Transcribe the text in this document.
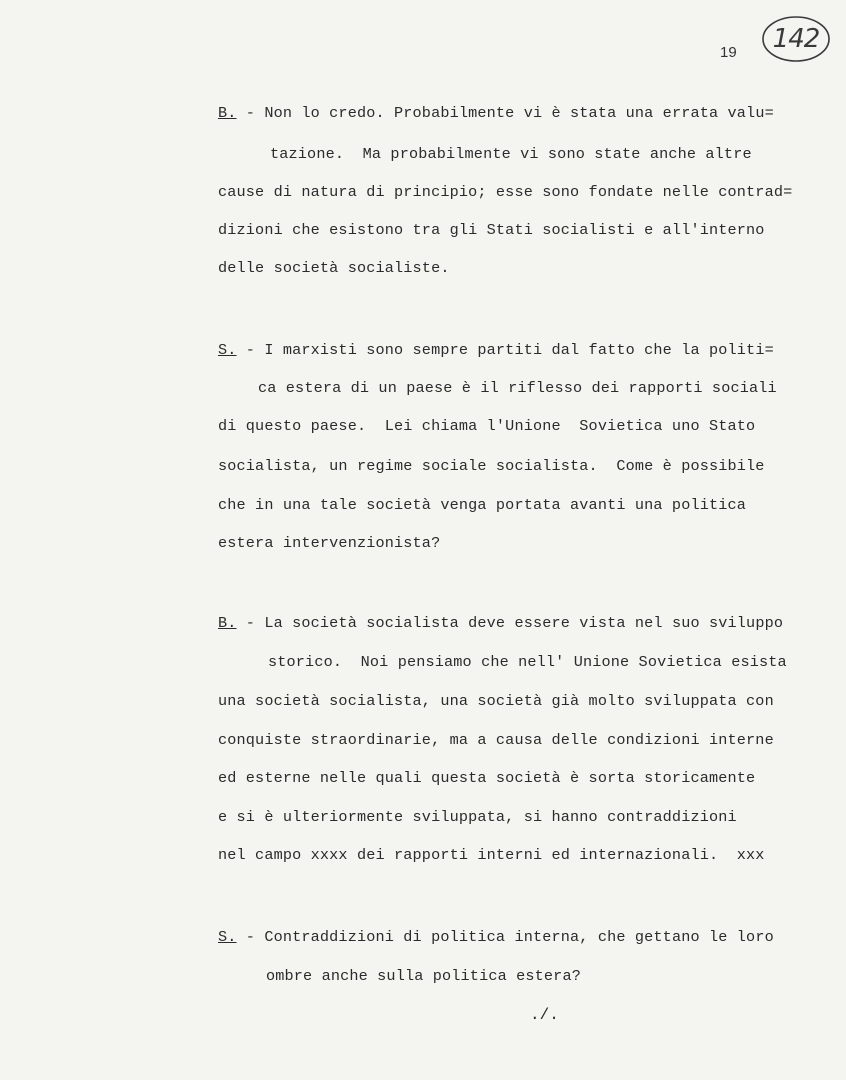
19	142
B. - Non lo credo. Probabilmente vi è stata una errata valu=
tazione.  Ma probabilmente vi sono state anche altre
cause di natura di principio; esse sono fondate nelle contrad=
dizioni che esistono tra gli Stati socialisti e all'interno
delle società socialiste.
S. - I marxisti sono sempre partiti dal fatto che la politi=
ca estera di un paese è il riflesso dei rapporti sociali
di questo paese.  Lei chiama l'Unione  Sovietica uno Stato
socialista, un regime sociale socialista.  Come è possibile
che in una tale società venga portata avanti una politica
estera intervenzionista?
B. - La società socialista deve essere vista nel suo sviluppo
storico.  Noi pensiamo che nell' Unione Sovietica esista
una società socialista, una società già molto sviluppata con
conquiste straordinarie, ma a causa delle condizioni interne
ed esterne nelle quali questa società è sorta storicamente
e si è ulteriormente sviluppata, si hanno contraddizioni
nel campo xxxx dei rapporti interni ed internazionali.  xxx
S. - Contraddizioni di politica interna, che gettano le loro
ombre anche sulla politica estera?
./.
